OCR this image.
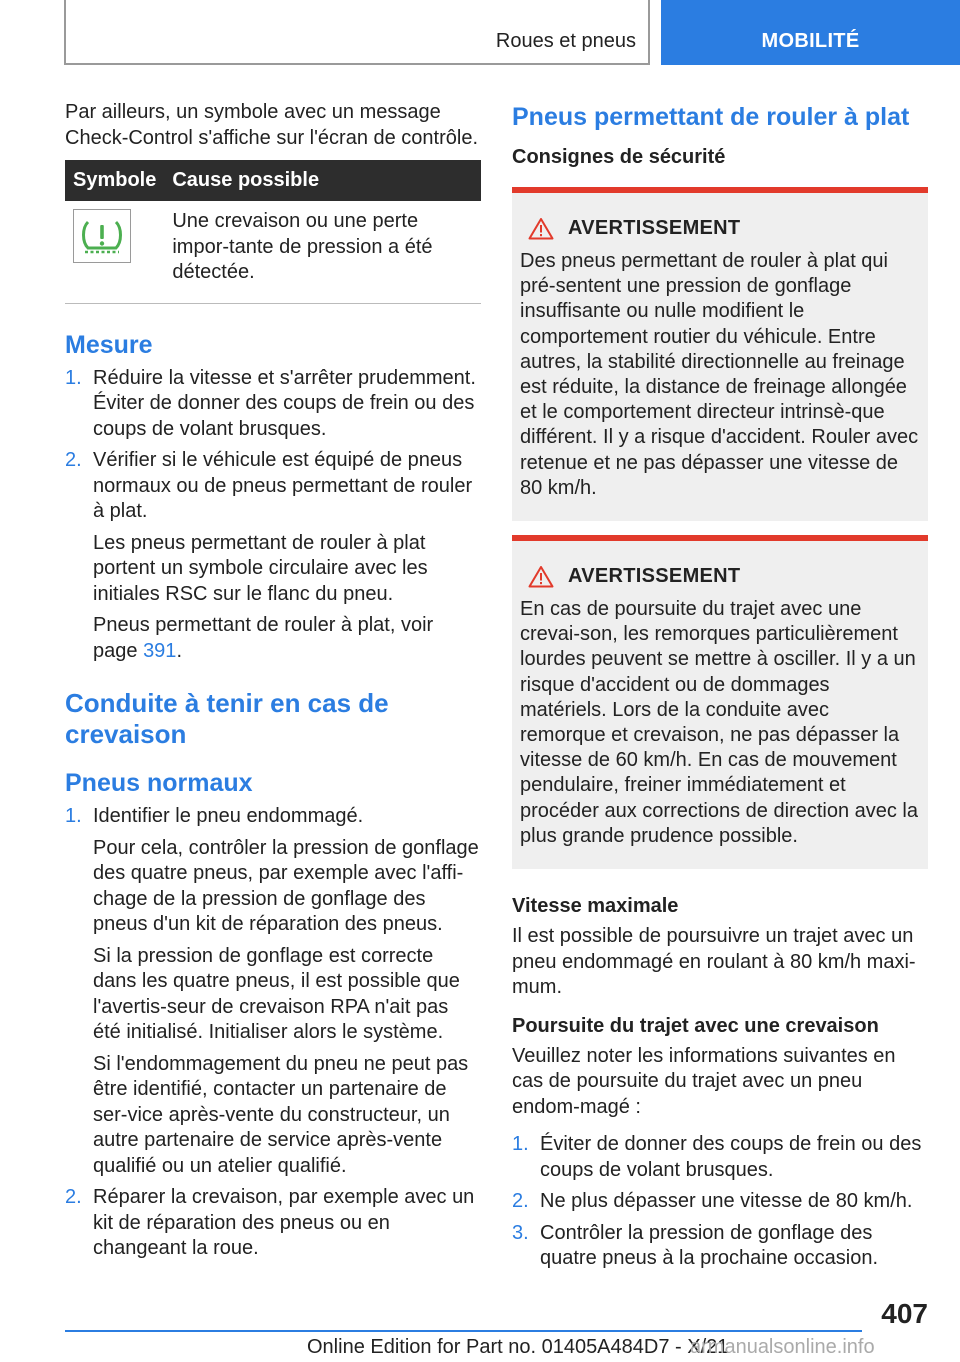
Roues et pneus	MOBILITÉ

Par ailleurs, un symbole avec un message Check-Control s'affiche sur l'écran de contrôle.

Symbole	Cause possible

	Une crevaison ou une perte impor-tante de pression a été détectée.
Mesure
1. Réduire la vitesse et s'arrêter prudemment. Éviter de donner des coups de frein ou des coups de volant brusques.
2. Vérifier si le véhicule est équipé de pneus normaux ou de pneus permettant de rouler à plat.

Les pneus permettant de rouler à plat portent un symbole circulaire avec les initiales RSC sur le flanc du pneu.

Pneus permettant de rouler à plat, voir page 391.

Conduite à tenir en cas de crevaison
Pneus normaux
1. Identifier le pneu endommagé.

Pour cela, contrôler la pression de gonflage des quatre pneus, par exemple avec l'affi-chage de la pression de gonflage des pneus d'un kit de réparation des pneus.

Si la pression de gonflage est correcte dans les quatre pneus, il est possible que l'avertis-seur de crevaison RPA n'ait pas été initialisé. Initialiser alors le système.

Si l'endommagement du pneu ne peut pas être identifié, contacter un partenaire de ser-vice après-vente du constructeur, un autre partenaire de service après-vente qualifié ou un atelier qualifié.

2. Réparer la crevaison, par exemple avec un kit de réparation des pneus ou en changeant la roue.
Pneus permettant de rouler à plat
Consignes de sécurité
AVERTISSEMENT

Des pneus permettant de rouler à plat qui pré-sentent une pression de gonflage insuffisante ou nulle modifient le comportement routier du véhicule. Entre autres, la stabilité directionnelle au freinage est réduite, la distance de freinage allongée et le comportement directeur intrinsè-que différent. Il y a risque d'accident. Rouler avec retenue et ne pas dépasser une vitesse de 80 km/h.

AVERTISSEMENT

En cas de poursuite du trajet avec une crevai-son, les remorques particulièrement lourdes peuvent se mettre à osciller. Il y a un risque d'accident ou de dommages matériels. Lors de la conduite avec remorque et crevaison, ne pas dépasser la vitesse de 60 km/h. En cas de mouvement pendulaire, freiner immédiatement et procéder aux corrections de direction avec la plus grande prudence possible.

Vitesse maximale

Il est possible de poursuivre un trajet avec un pneu endommagé en roulant à 80 km/h maxi-mum.

Poursuite du trajet avec une crevaison

Veuillez noter les informations suivantes en cas de poursuite du trajet avec un pneu endom-magé :

1. Éviter de donner des coups de frein ou des coups de volant brusques.
2. Ne plus dépasser une vitesse de 80 km/h.
3. Contrôler la pression de gonflage des quatre pneus à la prochaine occasion.
407
Online Edition for Part no. 01405A484D7 - X/21
armanualsonline.info
